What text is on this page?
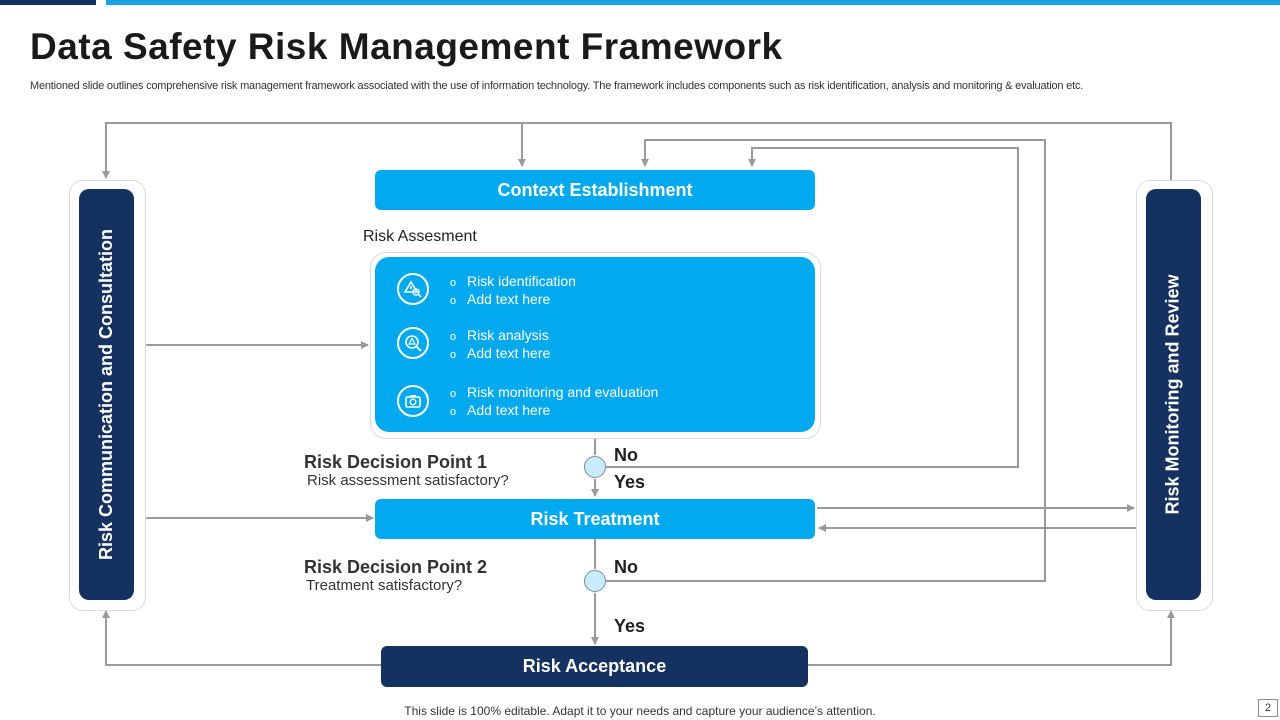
Data Safety Risk Management Framework
Mentioned slide outlines comprehensive risk management framework associated with the use of information technology. The framework includes components such as risk identification, analysis and monitoring & evaluation etc.
Risk Communication and Consultation	Risk Monitoring and Review
Context Establishment
Risk Assesment
o Risk identification
o Add text here
o Risk analysis
o Add text here
o Risk monitoring and evaluation
o Add text here
Risk Decision Point 1
Risk assessment satisfactory?
No
Yes
Risk Treatment
Risk Decision Point 2
Treatment satisfactory?
No
Yes
Risk Acceptance
This slide is 100% editable. Adapt it to your needs and capture your audience’s attention.	2
